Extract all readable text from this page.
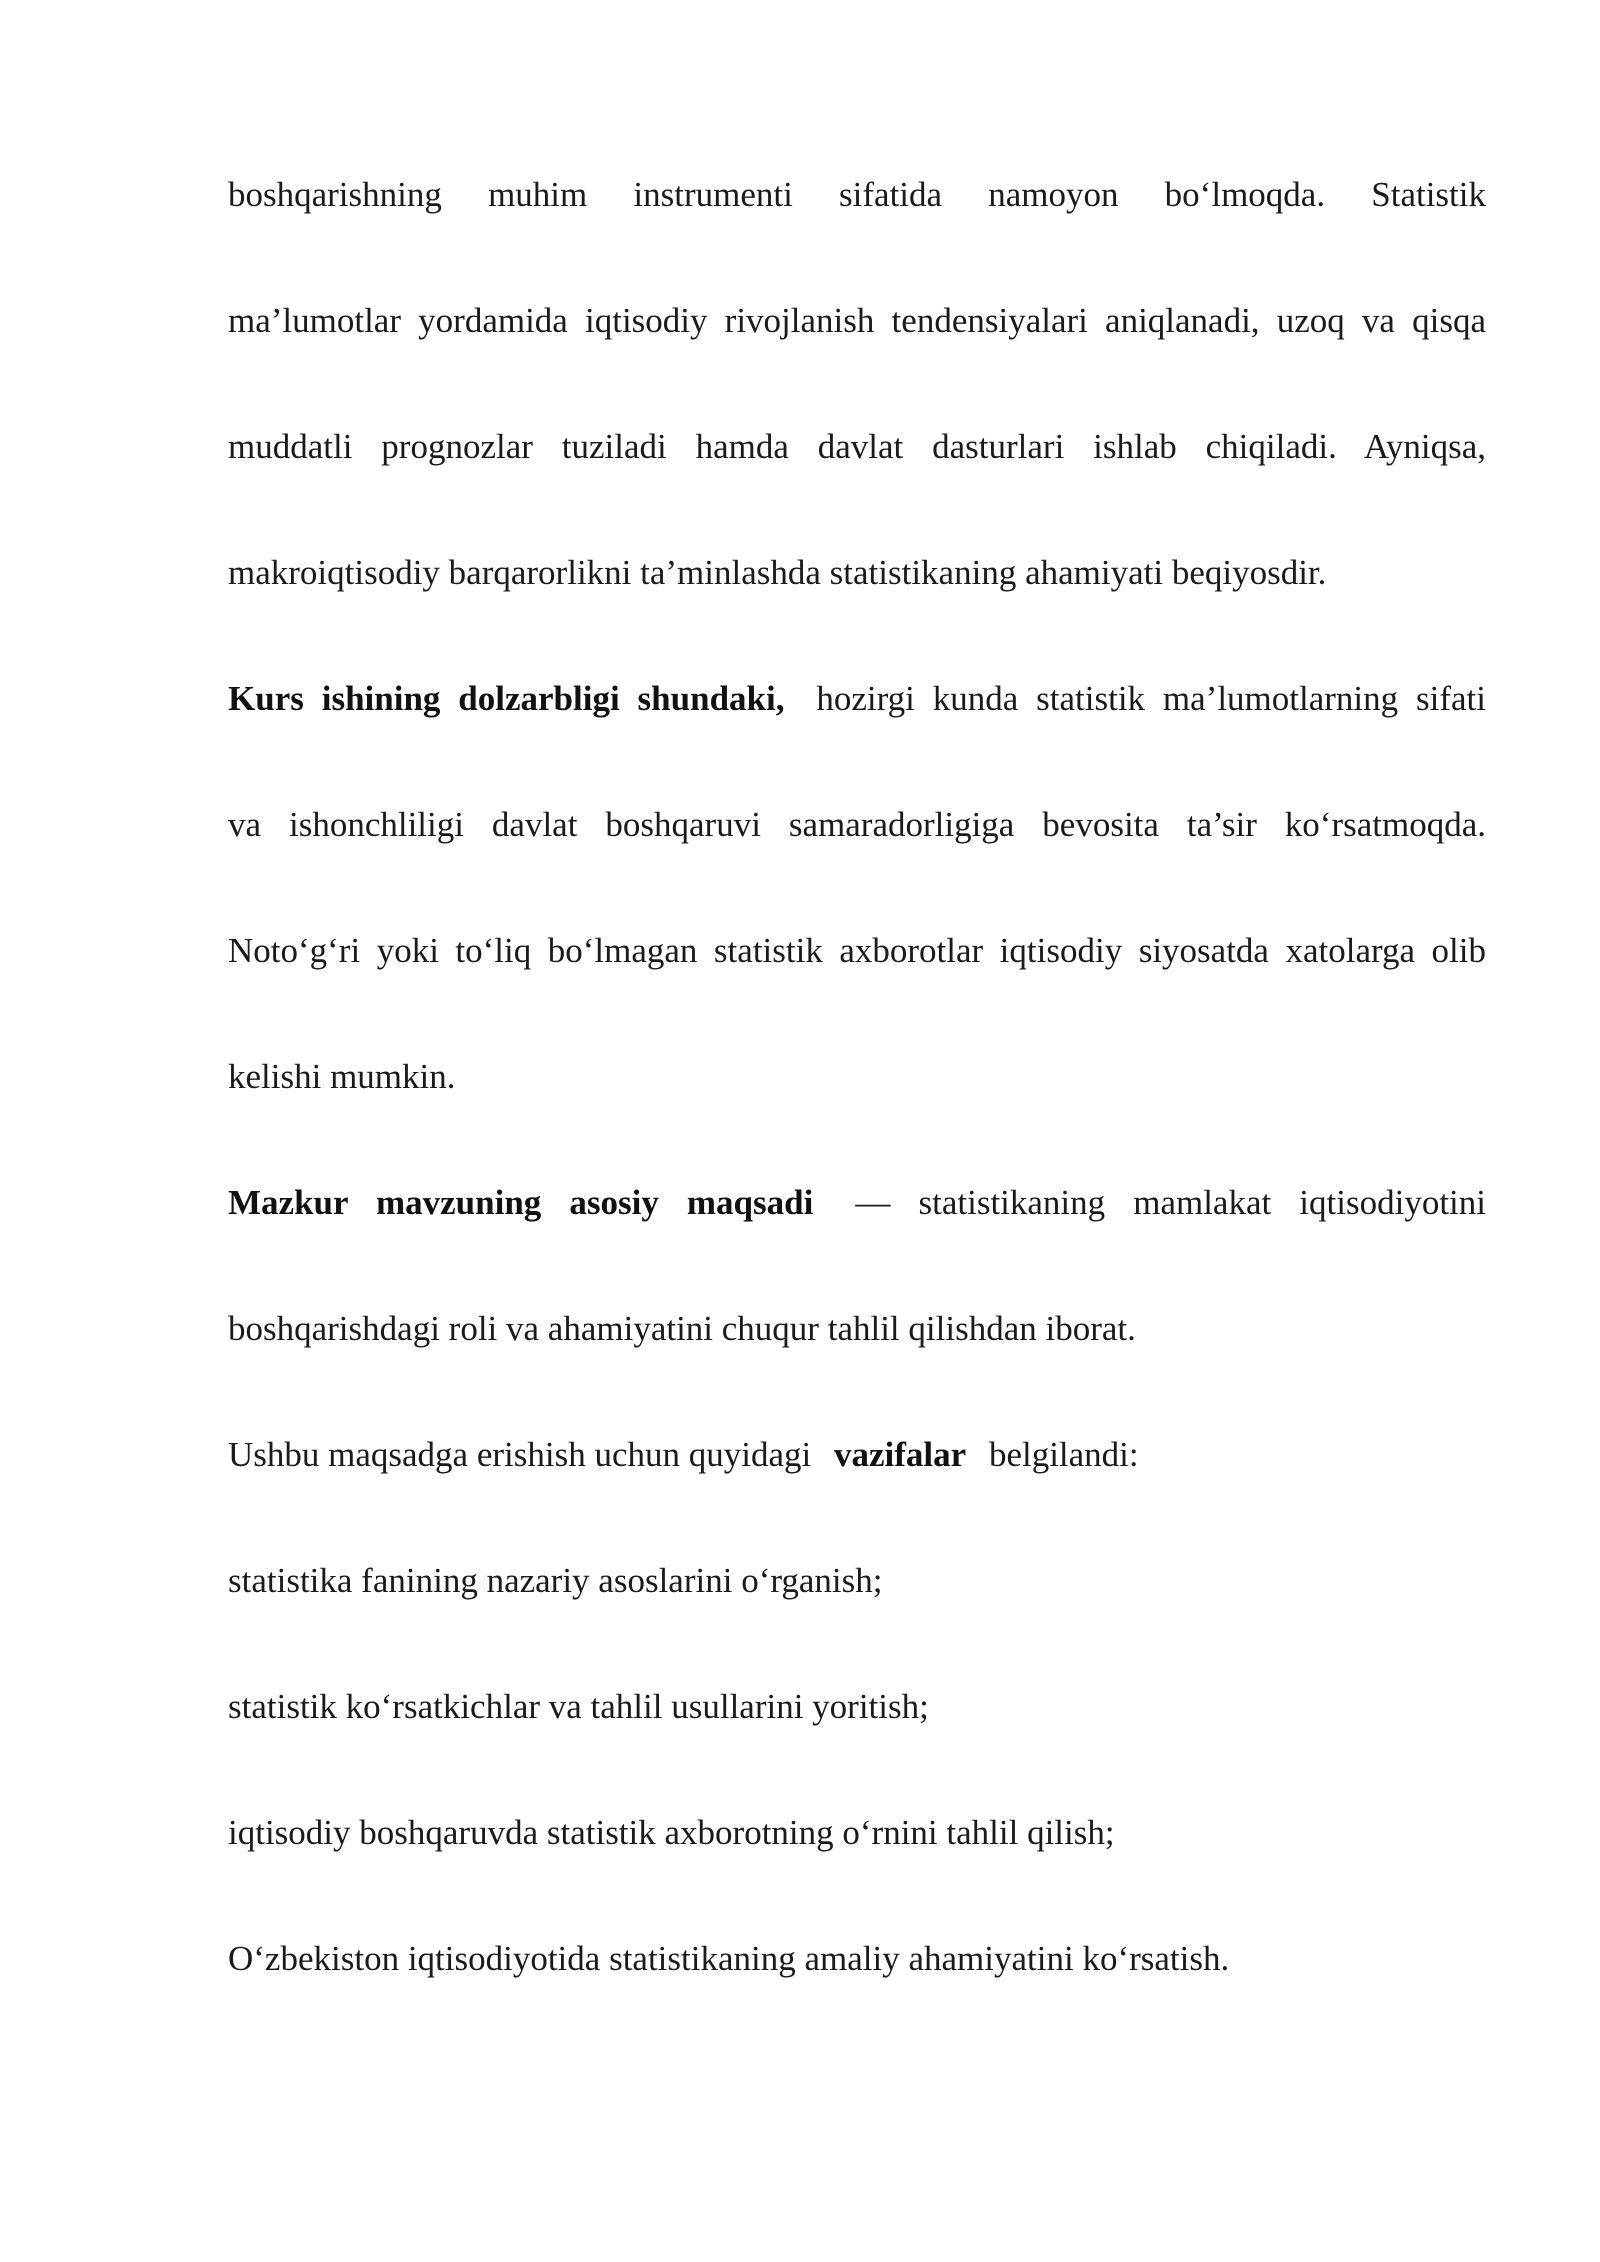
boshqarishning muhim instrumenti sifatida namoyon bo‘lmoqda. Statistik
ma’lumotlar yordamida iqtisodiy rivojlanish tendensiyalari aniqlanadi, uzoq va qisqa
muddatli prognozlar tuziladi hamda davlat dasturlari ishlab chiqiladi. Ayniqsa,
makroiqtisodiy barqarorlikni ta’minlashda statistikaning ahamiyati beqiyosdir.
Kurs ishining dolzarbligi shundaki, hozirgi kunda statistik ma’lumotlarning sifati
va ishonchliligi davlat boshqaruvi samaradorligiga bevosita ta’sir ko‘rsatmoqda.
Noto‘g‘ri yoki to‘liq bo‘lmagan statistik axborotlar iqtisodiy siyosatda xatolarga olib
kelishi mumkin.
Mazkur mavzuning asosiy maqsadi — statistikaning mamlakat iqtisodiyotini
boshqarishdagi roli va ahamiyatini chuqur tahlil qilishdan iborat.
Ushbu maqsadga erishish uchun quyidagi vazifalar belgilandi:
statistika fanining nazariy asoslarini o‘rganish;
statistik ko‘rsatkichlar va tahlil usullarini yoritish;
iqtisodiy boshqaruvda statistik axborotning o‘rnini tahlil qilish;
O‘zbekiston iqtisodiyotida statistikaning amaliy ahamiyatini ko‘rsatish.
